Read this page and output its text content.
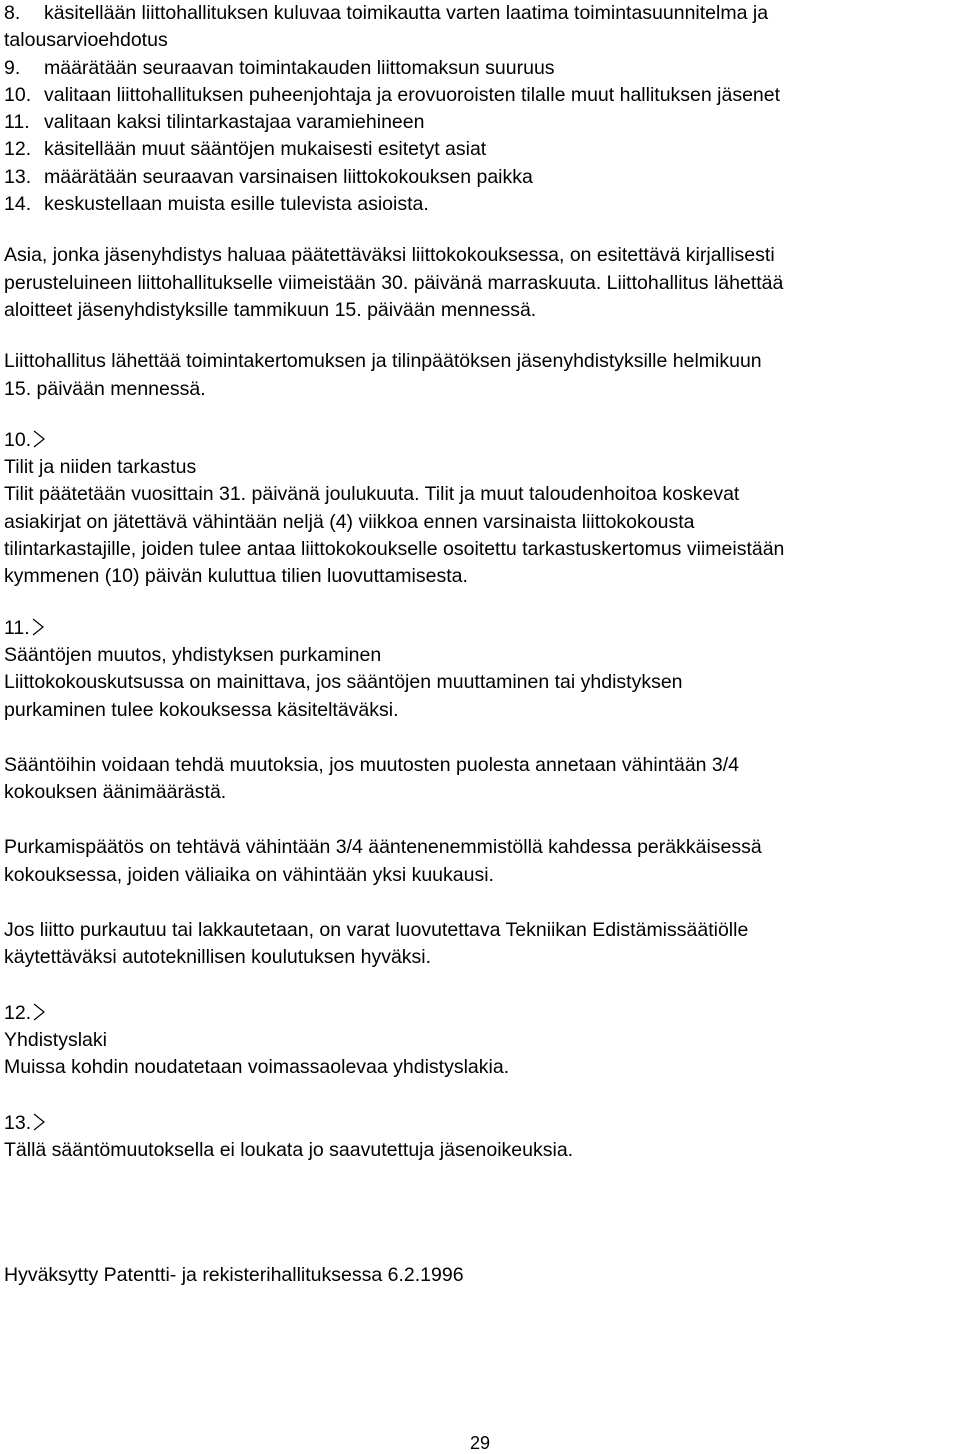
8. käsitellään liittohallituksen kuluvaa toimikautta varten laatima toimintasuunnitelma ja
talousarvioehdotus
9. määrätään seuraavan toimintakauden liittomaksun suuruus
10. valitaan liittohallituksen puheenjohtaja ja erovuoroisten tilalle muut hallituksen jäsenet
11. valitaan kaksi tilintarkastajaa varamiehineen
12. käsitellään muut sääntöjen mukaisesti esitetyt asiat
13. määrätään seuraavan varsinaisen liittokokouksen paikka
14. keskustellaan muista esille tulevista asioista.
Asia, jonka jäsenyhdistys haluaa päätettäväksi liittokokouksessa, on esitettävä kirjallisesti
perusteluineen liittohallitukselle viimeistään 30. päivänä marraskuuta. Liittohallitus lähettää
aloitteet jäsenyhdistyksille tammikuun 15. päivään mennessä.
Liittohallitus lähettää toimintakertomuksen ja tilinpäätöksen jäsenyhdistyksille helmikuun
15. päivään mennessä.
10.
Tilit ja niiden tarkastus
Tilit päätetään vuosittain 31. päivänä joulukuuta. Tilit ja muut taloudenhoitoa koskevat
asiakirjat on jätettävä vähintään neljä (4) viikkoa ennen varsinaista liittokokousta
tilintarkastajille, joiden tulee antaa liittokokoukselle osoitettu tarkastuskertomus viimeistään
kymmenen (10) päivän kuluttua tilien luovuttamisesta.
11.
Sääntöjen muutos, yhdistyksen purkaminen
Liittokokouskutsussa on mainittava, jos sääntöjen muuttaminen tai yhdistyksen
purkaminen tulee kokouksessa käsiteltäväksi.
Sääntöihin voidaan tehdä muutoksia, jos muutosten puolesta annetaan vähintään 3/4
kokouksen äänimäärästä.
Purkamispäätös on tehtävä vähintään 3/4 ääntenenemmistöllä kahdessa peräkkäisessä
kokouksessa, joiden väliaika on vähintään yksi kuukausi.
Jos liitto purkautuu tai lakkautetaan, on varat luovutettava Tekniikan Edistämissäätiölle
käytettäväksi autoteknillisen koulutuksen hyväksi.
12.
Yhdistyslaki
Muissa kohdin noudatetaan voimassaolevaa yhdistyslakia.
13.
Tällä sääntömuutoksella ei loukata jo saavutettuja jäsenoikeuksia.
Hyväksytty Patentti- ja rekisterihallituksessa 6.2.1996
29
